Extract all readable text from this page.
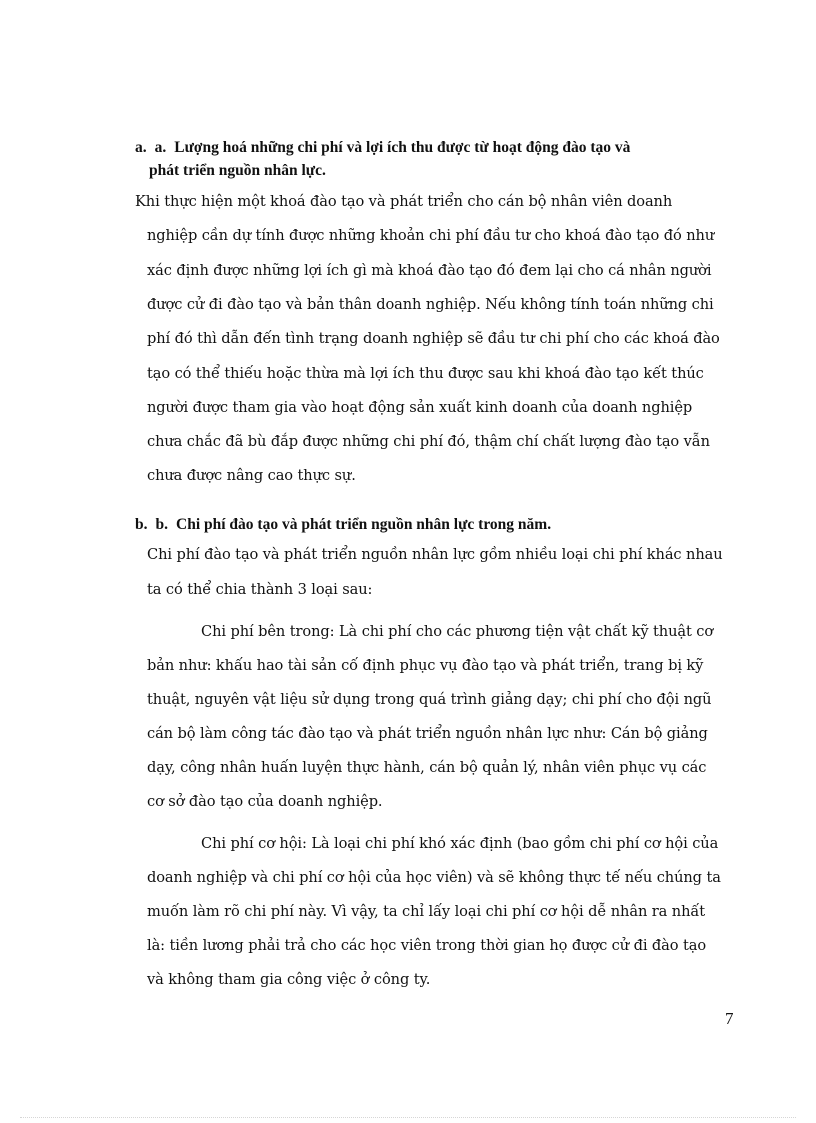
a. a. Lượng hoá những chi phí và lợi ích thu được từ hoạt động đào tạo và
phát triển nguồn nhân lực.
Khi thực hiện một khoá đào tạo và phát triển cho cán bộ nhân viên doanh
nghiệp cần dự tính được những khoản chi phí đầu tư cho khoá đào tạo đó như
xác định được những lợi ích gì mà khoá đào tạo đó đem lại cho cá nhân người
được cử đi đào tạo và bản thân doanh nghiệp. Nếu không tính toán những chi
phí đó thì dẫn đến tình trạng doanh nghiệp sẽ đầu tư chi phí cho các khoá đào
tạo có thể thiếu hoặc thừa mà lợi ích thu được sau khi khoá đào tạo kết thúc
người được tham gia vào hoạt động sản xuất kinh doanh của doanh nghiệp
chưa chắc đã bù đắp được những chi phí đó, thậm chí chất lượng đào tạo vẫn
chưa được nâng cao thực sự.
b. b. Chi phí đào tạo và phát triển nguồn nhân lực trong năm.
Chi phí đào tạo và phát triển nguồn nhân lực gồm nhiều loại chi phí khác nhau
ta có thể chia thành 3 loại sau:
Chi phí bên trong: Là chi phí cho các phương tiện vật chất kỹ thuật cơ
bản như: khấu hao tài sản cố định phục vụ đào tạo và phát triển, trang bị kỹ
thuật, nguyên vật liệu sử dụng trong quá trình giảng dạy; chi phí cho đội ngũ
cán bộ làm công tác đào tạo và phát triển nguồn nhân lực như: Cán bộ giảng
dạy, công nhân huấn luyện thực hành, cán bộ quản lý, nhân viên phục vụ các
cơ sở đào tạo của doanh nghiệp.
Chi phí cơ hội: Là loại chi phí khó xác định (bao gồm chi phí cơ hội của
doanh nghiệp và chi phí cơ hội của học viên) và sẽ không thực tế nếu chúng ta
muốn làm rõ chi phí này. Vì vậy, ta chỉ lấy loại chi phí cơ hội dễ nhân ra nhất
là: tiền lương phải trả cho các học viên trong thời gian họ được cử đi đào tạo
và không tham gia công việc ở công ty.
7
